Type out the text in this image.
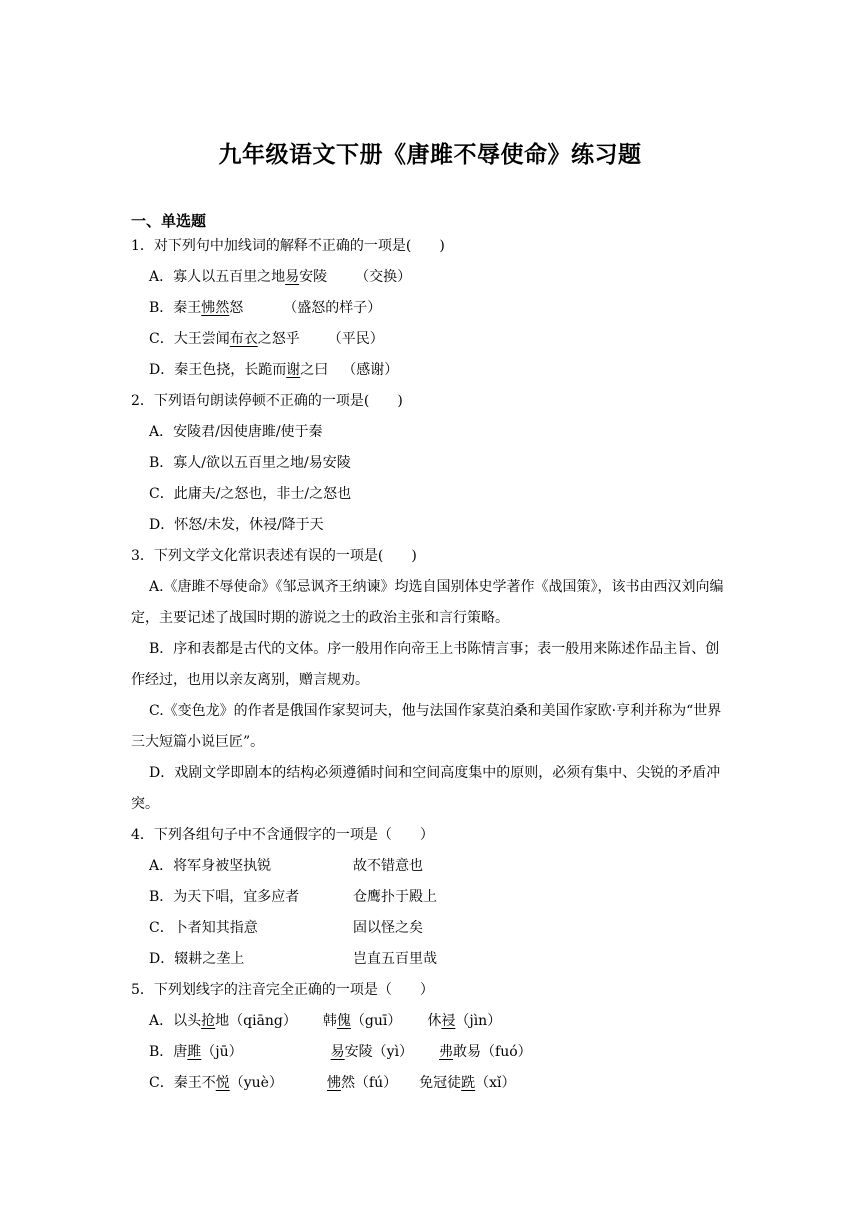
九年级语文下册《唐雎不辱使命》练习题
一、单选题
1．对下列句中加线词的解释不正确的一项是(　　)
A．寡人以五百里之地易安陵 （交换）
B．秦王怫然怒	（盛怒的样子）
C．大王尝闻布衣之怒乎 （平民）
D．秦王色挠，长跪而谢之曰 （感谢）
2．下列语句朗读停顿不正确的一项是(　　)
A．安陵君/因使唐雎/使于秦
B．寡人/欲以五百里之地/易安陵
C．此庸夫/之怒也，非士/之怒也
D．怀怒/未发，休祲/降于天
3．下列文学文化常识表述有误的一项是(　　)
A.《唐雎不辱使命》《邹忌讽齐王纳谏》均选自国别体史学著作《战国策》，该书由西汉刘向编定，主要记述了战国时期的游说之士的政治主张和言行策略。
B．序和表都是古代的文体。序一般用作向帝王上书陈情言事；表一般用来陈述作品主旨、创作经过，也用以亲友离别，赠言规劝。
C.《变色龙》的作者是俄国作家契诃夫，他与法国作家莫泊桑和美国作家欧·亨利并称为“世界三大短篇小说巨匠”。
D．戏剧文学即剧本的结构必须遵循时间和空间高度集中的原则，必须有集中、尖锐的矛盾冲突。
4．下列各组句子中不含通假字的一项是（　　）
A．将军身被坚执锐	故不错意也
B．为天下唱，宜多应者	仓鹰扑于殿上
C．卜者知其指意	固以怪之矣
D．辍耕之垄上	岂直五百里哉
5．下列划线字的注音完全正确的一项是（　　）
A．以头抢地（qiāng） 韩傀（guī） 休祲（jìn）
B．唐雎（jū）	易安陵（yì） 弗敢易（fuó）
C．秦王不悦（yuè）	怫然（fú） 免冠徒跣（xǐ）
